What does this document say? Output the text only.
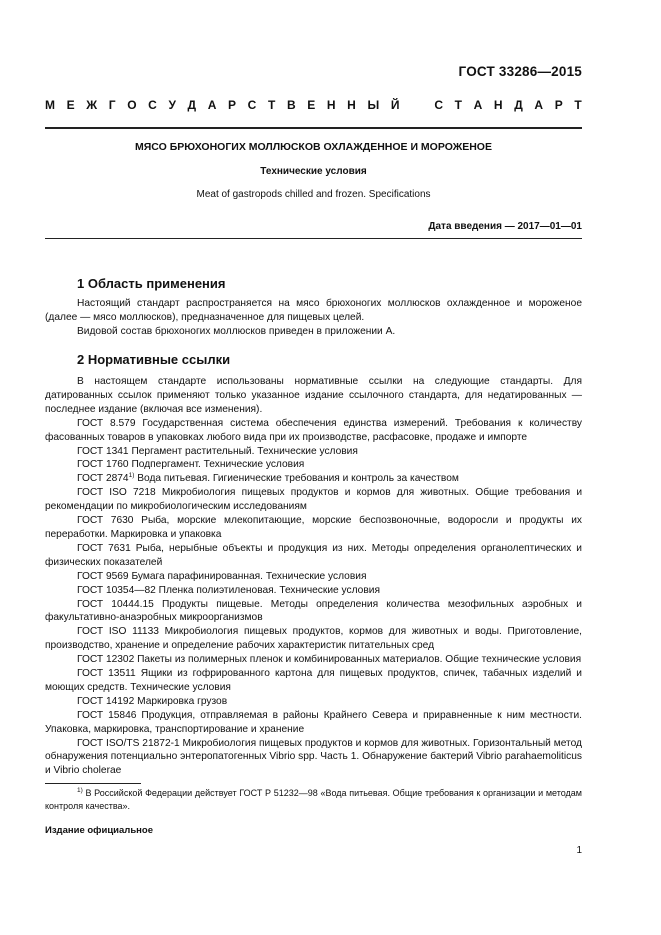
ГОСТ 33286—2015
М Е Ж Г О С У Д А Р С Т В Е Н Н Ы Й	С Т А Н Д А Р Т
МЯСО БРЮХОНОГИХ МОЛЛЮСКОВ ОХЛАЖДЕННОЕ И МОРОЖЕНОЕ
Технические условия
Meat of gastropods chilled and frozen. Specifications
Дата введения — 2017—01—01
1 Область применения

Настоящий стандарт распространяется на мясо брюхоногих моллюсков охлажденное и мороженое (далее — мясо моллюсков), предназначенное для пищевых целей.

Видовой состав брюхоногих моллюсков приведен в приложении А.

2 Нормативные ссылки

В настоящем стандарте использованы нормативные ссылки на следующие стандарты. Для датированных ссылок применяют только указанное издание ссылочного стандарта, для недатированных — последнее издание (включая все изменения).

ГОСТ 8.579 Государственная система обеспечения единства измерений. Требования к количеству фасованных товаров в упаковках любого вида при их производстве, расфасовке, продаже и импорте

ГОСТ 1341 Пергамент растительный. Технические условия

ГОСТ 1760 Подпергамент. Технические условия

ГОСТ 2874$^{1)}$ Вода питьевая. Гигиенические требования и контроль за качеством

ГОСТ ISO 7218 Микробиология пищевых продуктов и кормов для животных. Общие требования и рекомендации по микробиологическим исследованиям

ГОСТ 7630 Рыба, морские млекопитающие, морские беспозвоночные, водоросли и продукты их переработки. Маркировка и упаковка

ГОСТ 7631 Рыба, нерыбные объекты и продукция из них. Методы определения органолептических и физических показателей

ГОСТ 9569 Бумага парафинированная. Технические условия

ГОСТ 10354—82 Пленка полиэтиленовая. Технические условия

ГОСТ 10444.15 Продукты пищевые. Методы определения количества мезофильных аэробных и факультативно-анаэробных микроорганизмов

ГОСТ ISO 11133 Микробиология пищевых продуктов, кормов для животных и воды. Приготовление, производство, хранение и определение рабочих характеристик питательных сред

ГОСТ 12302 Пакеты из полимерных пленок и комбинированных материалов. Общие технические условия

ГОСТ 13511 Ящики из гофрированного картона для пищевых продуктов, спичек, табачных изделий и моющих средств. Технические условия

ГОСТ 14192 Маркировка грузов

ГОСТ 15846 Продукция, отправляемая в районы Крайнего Севера и приравненные к ним местности. Упаковка, маркировка, транспортирование и хранение

ГОСТ ISO/TS 21872-1 Микробиология пищевых продуктов и кормов для животных. Горизонтальный метод обнаружения потенциально энтеропатогенных Vibrio spp. Часть 1. Обнаружение бактерий Vibrio parahaemoliticus и Vibrio cholerae

$^{1)}$ В Российской Федерации действует ГОСТ Р 51232—98 «Вода питьевая. Общие требования к организации и методам контроля качества».

Издание официальное
1
